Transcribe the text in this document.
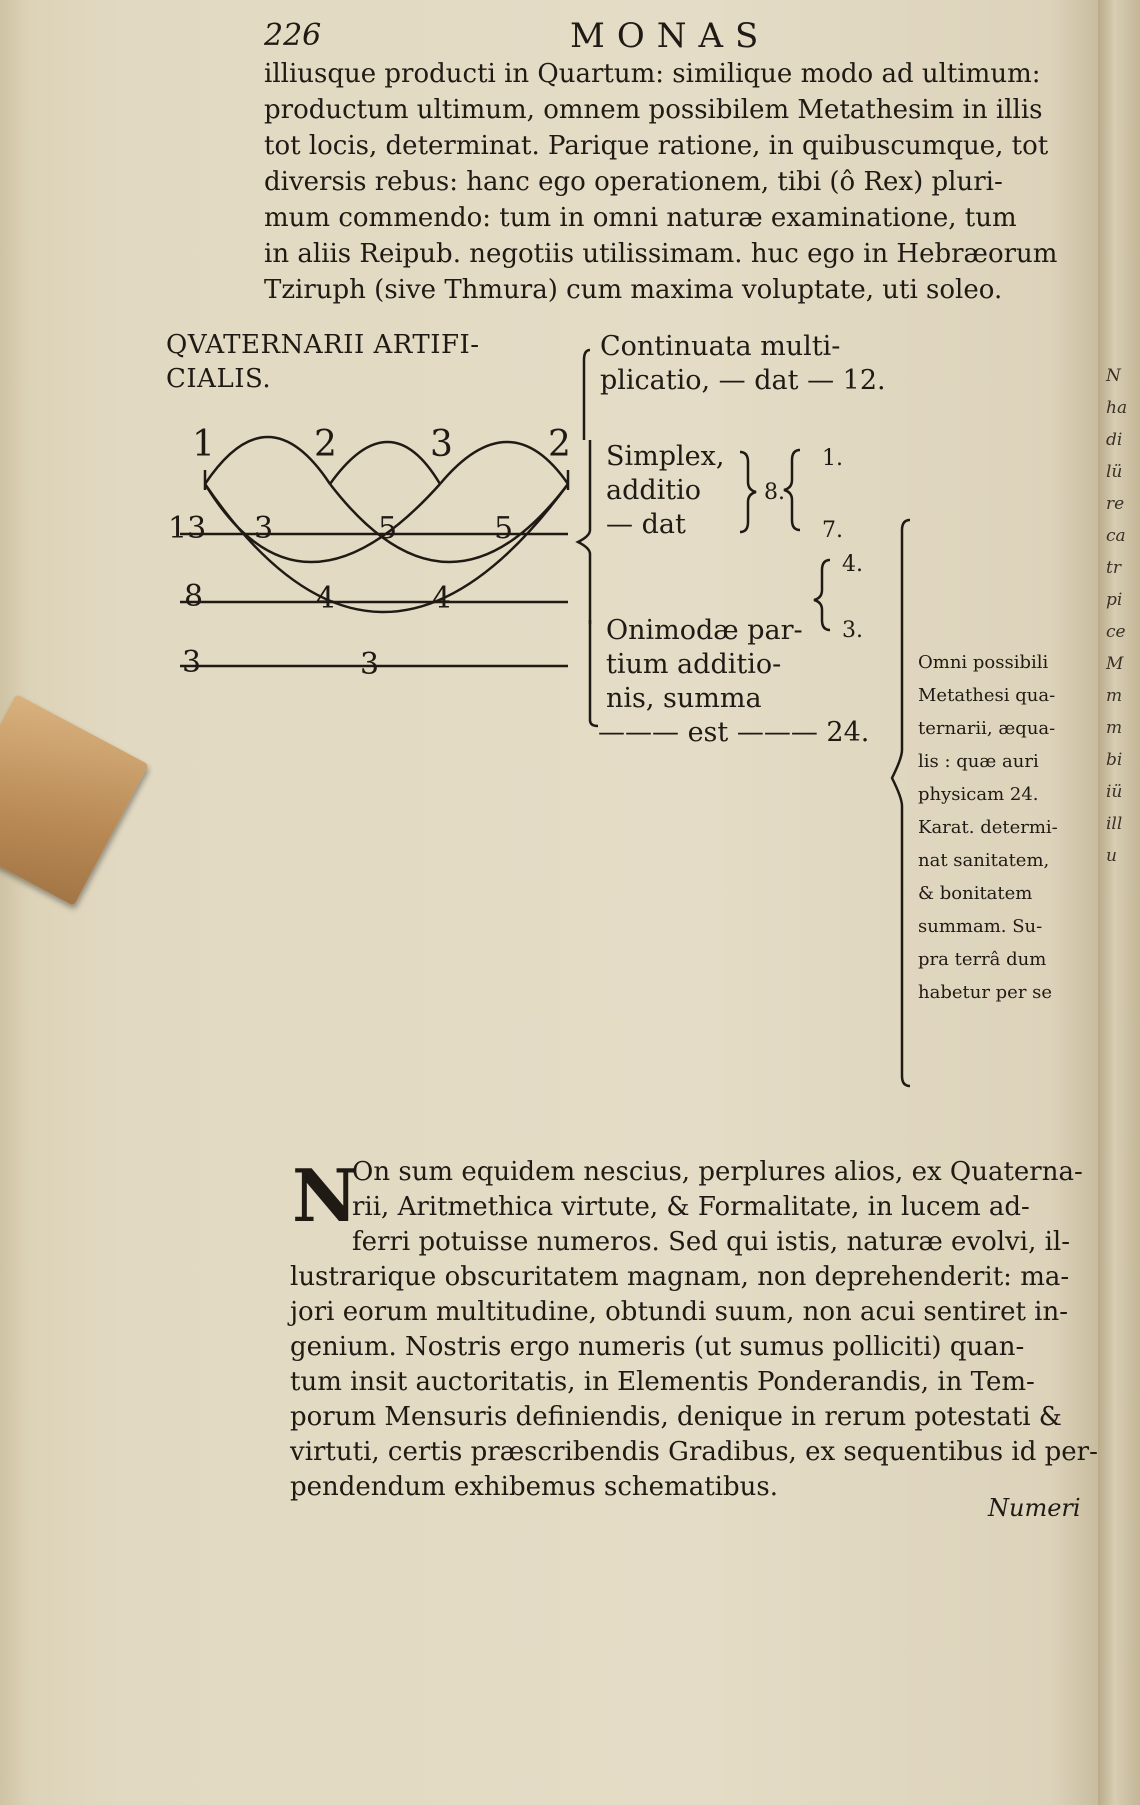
226	MONAS
illiusque producti in Quartum: similique modo ad ultimum:
productum ultimum, omnem possibilem Metathesim in illis
tot locis, determinat. Parique ratione, in quibuscumque, tot
diversis rebus: hanc ego operationem, tibi (ô Rex) pluri-
mum commendo: tum in omni naturæ examinatione, tum
in aliis Reipub. negotiis utilissimam. huc ego in Hebræorum
Tziruph (sive Thmura) cum maxima voluptate, uti soleo.
QVATERNARII ARTIFI-
CIALIS.
1	2	3	2
13
8
3
3	5	5
4	4
3
Continuata multi-
plicatio, — dat — 12.
Simplex,
additio
— dat
8.
1.
7.
4.
3.
Onimodæ par-
tium additio-
nis, summa
——— est ——— 24.
Omni possibili
Metathesi qua-
ternarii, æqua-
lis : quæ auri
physicam 24.
Karat. determi-
nat sanitatem,
& bonitatem
summam. Su-
pra terrâ dum
habetur per se
N
On sum equidem nescius, perplures alios, ex Quaterna-
rii, Aritmethica virtute, & Formalitate, in lucem ad-
ferri potuisse numeros. Sed qui istis, naturæ evolvi, il-
lustrarique obscuritatem magnam, non deprehenderit: ma-
jori eorum multitudine, obtundi suum, non acui sentiret in-
genium. Nostris ergo numeris (ut sumus polliciti) quan-
tum insit auctoritatis, in Elementis Ponderandis, in Tem-
porum Mensuris definiendis, denique in rerum potestati &
virtuti, certis præscribendis Gradibus, ex sequentibus id per-
pendendum exhibemus schematibus.
Numeri
N
ha
di
lü
re
ca
tr
pi
ce
M
m
m
bi
iü
ill
u
